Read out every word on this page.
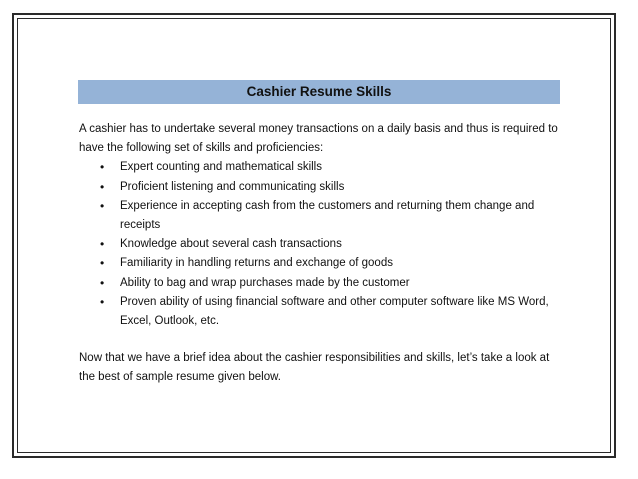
Cashier Resume Skills

A cashier has to undertake several money transactions on a daily basis and thus is required to have the following set of skills and proficiencies:

• Expert counting and mathematical skills
• Proficient listening and communicating skills
• Experience in accepting cash from the customers and returning them change and receipts
• Knowledge about several cash transactions
• Familiarity in handling returns and exchange of goods
• Ability to bag and wrap purchases made by the customer
• Proven ability of using financial software and other computer software like MS Word, Excel, Outlook, etc.

Now that we have a brief idea about the cashier responsibilities and skills, let’s take a look at the best of sample resume given below.
